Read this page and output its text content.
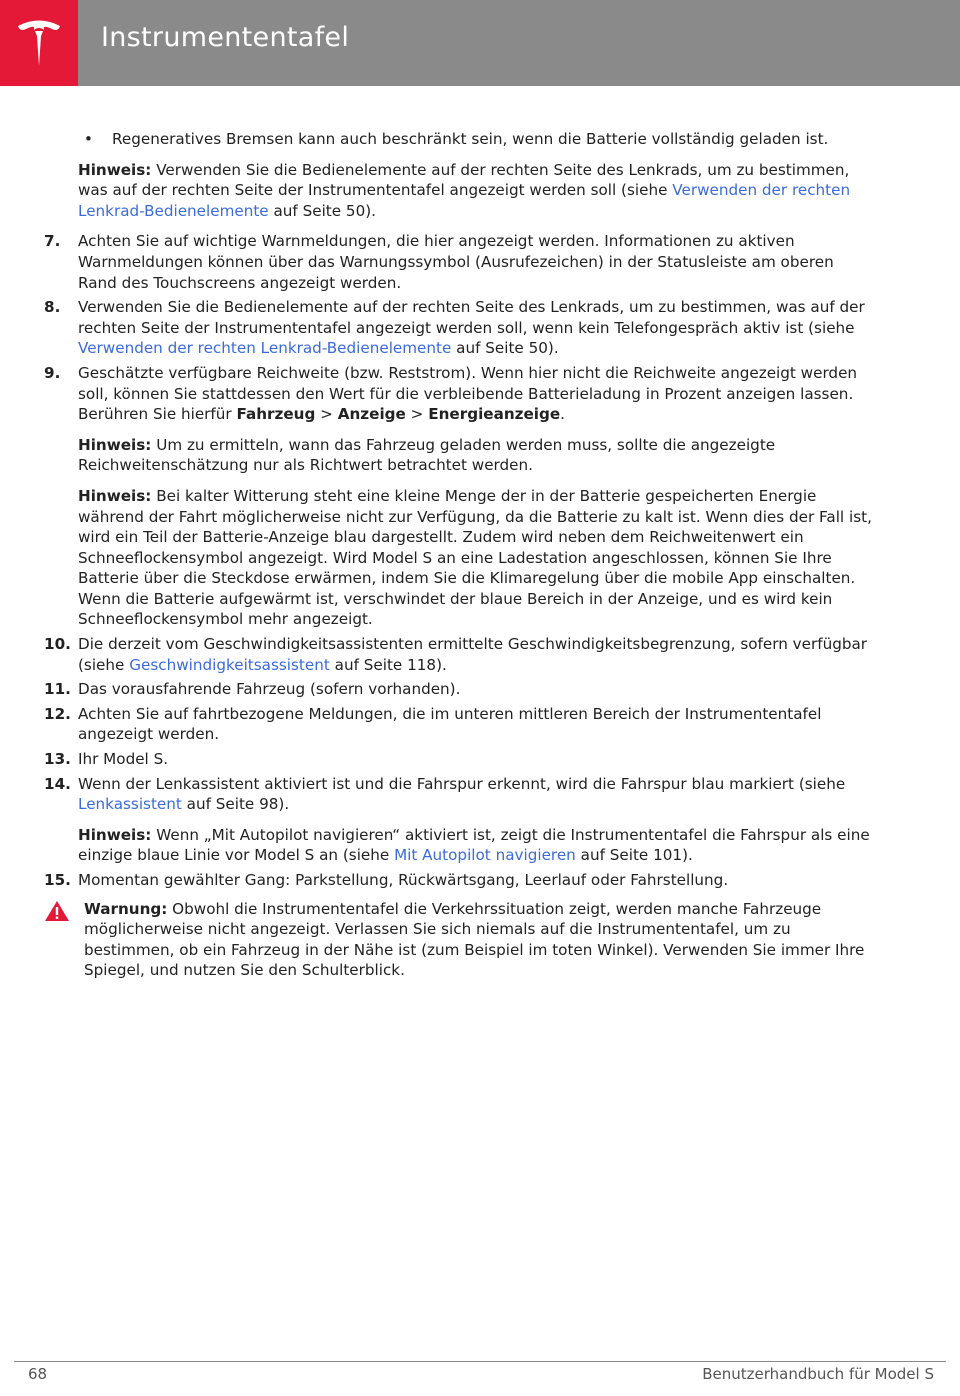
Instrumententafel
• Regeneratives Bremsen kann auch beschränkt sein, wenn die Batterie vollständig geladen ist.
Hinweis: Verwenden Sie die Bedienelemente auf der rechten Seite des Lenkrads, um zu bestimmen, was auf der rechten Seite der Instrumententafel angezeigt werden soll (siehe Verwenden der rechten Lenkrad-Bedienelemente auf Seite 50).
7. Achten Sie auf wichtige Warnmeldungen, die hier angezeigt werden. Informationen zu aktiven Warnmeldungen können über das Warnungssymbol (Ausrufezeichen) in der Statusleiste am oberen Rand des Touchscreens angezeigt werden.
8. Verwenden Sie die Bedienelemente auf der rechten Seite des Lenkrads, um zu bestimmen, was auf der rechten Seite der Instrumententafel angezeigt werden soll, wenn kein Telefongespräch aktiv ist (siehe Verwenden der rechten Lenkrad-Bedienelemente auf Seite 50).
9. Geschätzte verfügbare Reichweite (bzw. Reststrom). Wenn hier nicht die Reichweite angezeigt werden soll, können Sie stattdessen den Wert für die verbleibende Batterieladung in Prozent anzeigen lassen. Berühren Sie hierfür Fahrzeug > Anzeige > Energieanzeige.
Hinweis: Um zu ermitteln, wann das Fahrzeug geladen werden muss, sollte die angezeigte Reichweitenschätzung nur als Richtwert betrachtet werden.
Hinweis: Bei kalter Witterung steht eine kleine Menge der in der Batterie gespeicherten Energie während der Fahrt möglicherweise nicht zur Verfügung, da die Batterie zu kalt ist. Wenn dies der Fall ist, wird ein Teil der Batterie-Anzeige blau dargestellt. Zudem wird neben dem Reichweitenwert ein Schneeflockensymbol angezeigt. Wird Model S an eine Ladestation angeschlossen, können Sie Ihre Batterie über die Steckdose erwärmen, indem Sie die Klimaregelung über die mobile App einschalten. Wenn die Batterie aufgewärmt ist, verschwindet der blaue Bereich in der Anzeige, und es wird kein Schneeflockensymbol mehr angezeigt.
10. Die derzeit vom Geschwindigkeitsassistenten ermittelte Geschwindigkeitsbegrenzung, sofern verfügbar (siehe Geschwindigkeitsassistent auf Seite 118).
11. Das vorausfahrende Fahrzeug (sofern vorhanden).
12. Achten Sie auf fahrtbezogene Meldungen, die im unteren mittleren Bereich der Instrumententafel angezeigt werden.
13. Ihr Model S.
14. Wenn der Lenkassistent aktiviert ist und die Fahrspur erkennt, wird die Fahrspur blau markiert (siehe Lenkassistent auf Seite 98).
Hinweis: Wenn „Mit Autopilot navigieren“ aktiviert ist, zeigt die Instrumententafel die Fahrspur als eine einzige blaue Linie vor Model S an (siehe Mit Autopilot navigieren auf Seite 101).
15. Momentan gewählter Gang: Parkstellung, Rückwärtsgang, Leerlauf oder Fahrstellung.
Warnung: Obwohl die Instrumententafel die Verkehrssituation zeigt, werden manche Fahrzeuge möglicherweise nicht angezeigt. Verlassen Sie sich niemals auf die Instrumententafel, um zu bestimmen, ob ein Fahrzeug in der Nähe ist (zum Beispiel im toten Winkel). Verwenden Sie immer Ihre Spiegel, und nutzen Sie den Schulterblick.
68	Benutzerhandbuch für Model S
